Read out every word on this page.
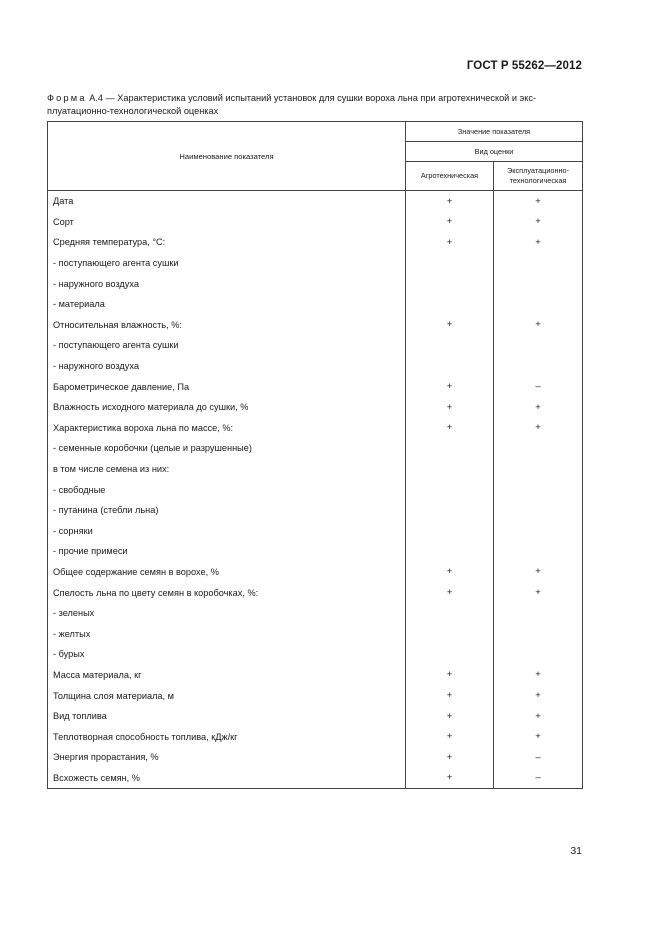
ГОСТ Р 55262—2012
Форма А.4 — Характеристика условий испытаний установок для сушки вороха льна при агротехнической и экс-плуатационно-технологической оценках
Наименование показателя	Значение показателя	
	Вид оценки	
	Агротехническая	Эксплуатационно-технологическая
Дата	+	+
Сорт	+	+
Средняя температура, °С:	+	+
- поступающего агента сушки		
- наружного воздуха		
- материала		
Относительная влажность, %:	+	+
- поступающего агента сушки		
- наружного воздуха		
Барометрическое давление, Па	+	–
Влажность исходного материала до сушки, %	+	+
Характеристика вороха льна по массе, %:	+	+
- семенные коробочки (целые и разрушенные)		
в том числе семена из них:		
- свободные		
- путанина (стебли льна)		
- сорняки		
- прочие примеси		
Общее содержание семян в ворохе, %	+	+
Спелость льна по цвету семян в коробочках, %:	+	+
- зеленых		
- желтых		
- бурых		
Масса материала, кг	+	+
Толщина слоя материала, м	+	+
Вид топлива	+	+
Теплотворная способность топлива, кДж/кг	+	+
Энергия прорастания, %	+	–
Всхожесть семян, %	+	–
31
